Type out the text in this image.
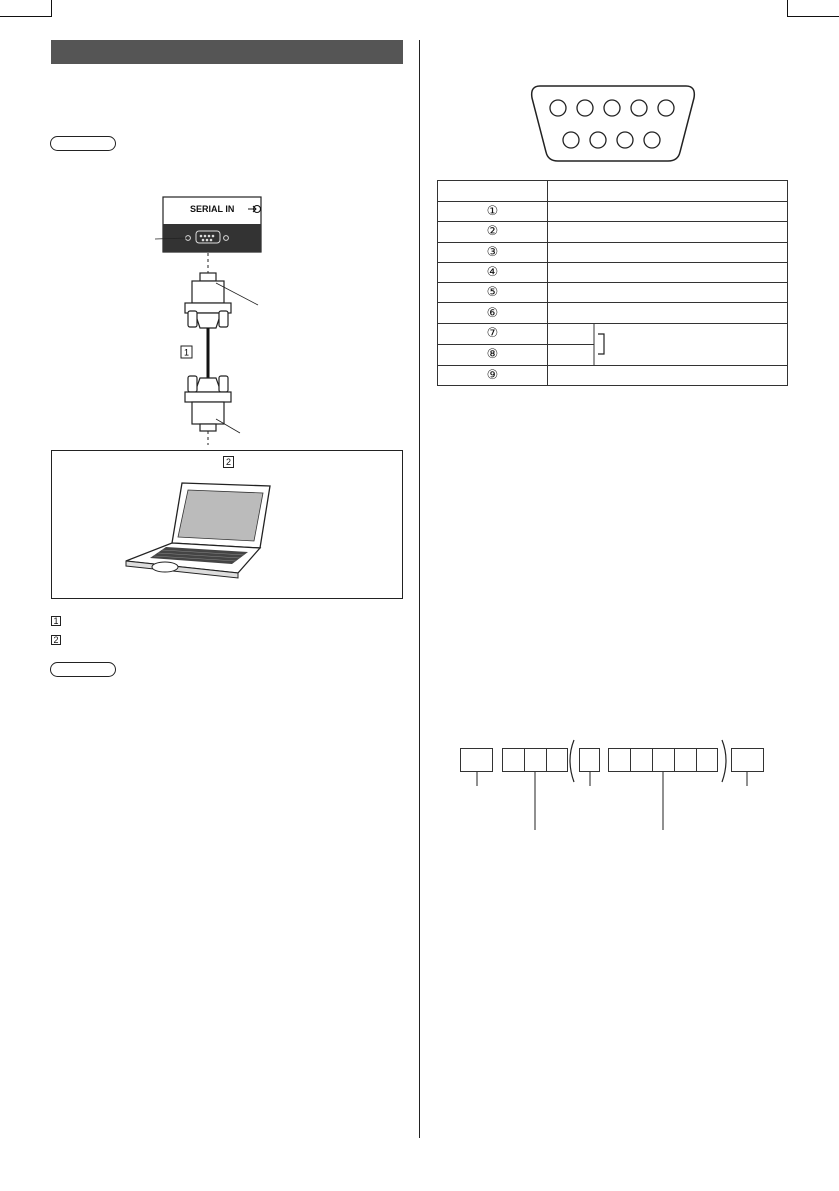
SERIAL IN
1
2
1
2

①	
②	
③	
④	
⑤	
⑥	
⑦	

⑧	
⑨	
